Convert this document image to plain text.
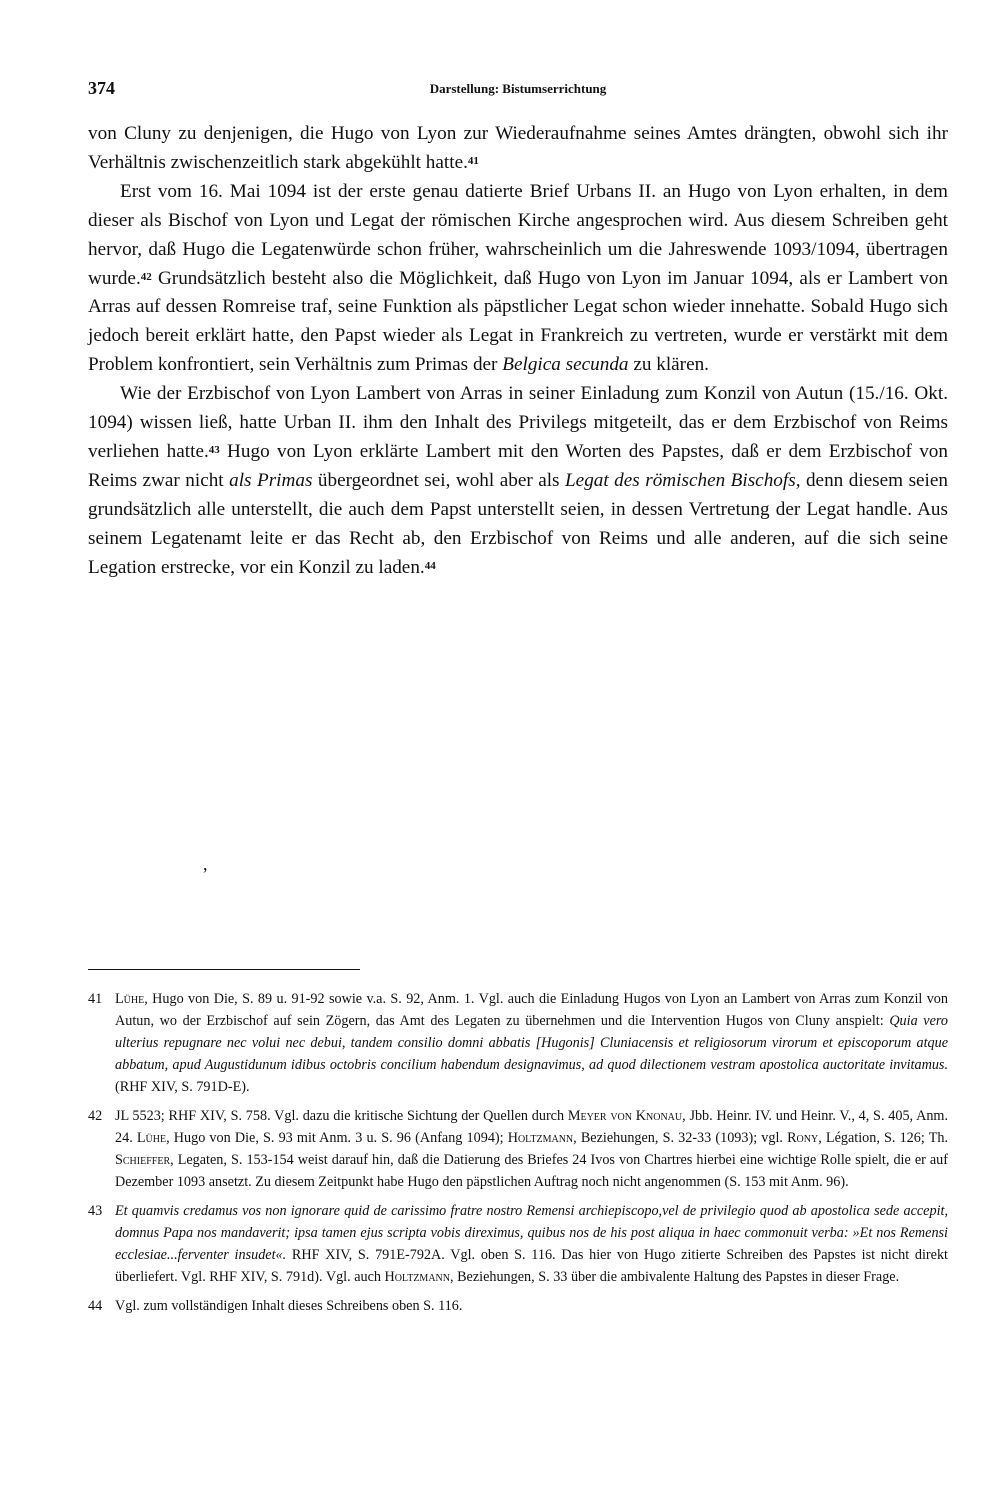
374	Darstellung: Bistumserrichtung

von Cluny zu denjenigen, die Hugo von Lyon zur Wiederaufnahme seines Amtes drängten, obwohl sich ihr Verhältnis zwischenzeitlich stark abgekühlt hatte.$^{41}$

Erst vom 16. Mai 1094 ist der erste genau datierte Brief Urbans II. an Hugo von Lyon erhalten, in dem dieser als Bischof von Lyon und Legat der römischen Kirche angesprochen wird. Aus diesem Schreiben geht hervor, daß Hugo die Legatenwürde schon früher, wahrscheinlich um die Jahreswende 1093/1094, übertragen wurde.$^{42}$ Grundsätzlich besteht also die Möglichkeit, daß Hugo von Lyon im Januar 1094, als er Lambert von Arras auf dessen Romreise traf, seine Funktion als päpstlicher Legat schon wieder innehatte. Sobald Hugo sich jedoch bereit erklärt hatte, den Papst wieder als Legat in Frankreich zu vertreten, wurde er verstärkt mit dem Problem konfrontiert, sein Verhältnis zum Primas der Belgica secunda zu klären.

Wie der Erzbischof von Lyon Lambert von Arras in seiner Einladung zum Konzil von Autun (15./16. Okt. 1094) wissen ließ, hatte Urban II. ihm den Inhalt des Privilegs mitgeteilt, das er dem Erzbischof von Reims verliehen hatte.$^{43}$ Hugo von Lyon erklärte Lambert mit den Worten des Papstes, daß er dem Erzbischof von Reims zwar nicht als Primas übergeordnet sei, wohl aber als Legat des römischen Bischofs, denn diesem seien grundsätzlich alle unterstellt, die auch dem Papst unterstellt seien, in dessen Vertretung der Legat handle. Aus seinem Legatenamt leite er das Recht ab, den Erzbischof von Reims und alle anderen, auf die sich seine Legation erstrecke, vor ein Konzil zu laden.$^{44}$

,

41 Lühe, Hugo von Die, S. 89 u. 91-92 sowie v.a. S. 92, Anm. 1. Vgl. auch die Einladung Hugos von Lyon an Lambert von Arras zum Konzil von Autun, wo der Erzbischof auf sein Zögern, das Amt des Legaten zu übernehmen und die Intervention Hugos von Cluny anspielt: Quia vero ulterius repugnare nec volui nec debui, tandem consilio domni abbatis [Hugonis] Cluniacensis et religiosorum virorum et episcoporum atque abbatum, apud Augustidunum idibus octobris concilium habendum designavimus, ad quod dilectionem vestram apostolica auctoritate invitamus. (RHF XIV, S. 791D-E).

42 JL 5523; RHF XIV, S. 758. Vgl. dazu die kritische Sichtung der Quellen durch Meyer von Knonau, Jbb. Heinr. IV. und Heinr. V., 4, S. 405, Anm. 24. Lühe, Hugo von Die, S. 93 mit Anm. 3 u. S. 96 (Anfang 1094); Holtzmann, Beziehungen, S. 32-33 (1093); vgl. Rony, Légation, S. 126; Th. Schieffer, Legaten, S. 153-154 weist darauf hin, daß die Datierung des Briefes 24 Ivos von Chartres hierbei eine wichtige Rolle spielt, die er auf Dezember 1093 ansetzt. Zu diesem Zeitpunkt habe Hugo den päpstlichen Auftrag noch nicht angenommen (S. 153 mit Anm. 96).

43 Et quamvis credamus vos non ignorare quid de carissimo fratre nostro Remensi archiepiscopo,vel de privilegio quod ab apostolica sede accepit, domnus Papa nos mandaverit; ipsa tamen ejus scripta vobis direximus, quibus nos de his post aliqua in haec commonuit verba: »Et nos Remensi ecclesiae...ferventer insudet«. RHF XIV, S. 791E-792A. Vgl. oben S. 116. Das hier von Hugo zitierte Schreiben des Papstes ist nicht direkt überliefert. Vgl. RHF XIV, S. 791d). Vgl. auch Holtzmann, Beziehungen, S. 33 über die ambivalente Haltung des Papstes in dieser Frage.

44 Vgl. zum vollständigen Inhalt dieses Schreibens oben S. 116.
